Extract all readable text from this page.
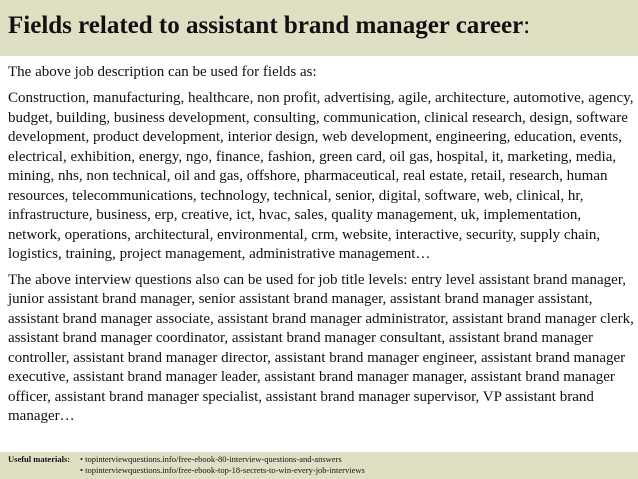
Fields related to assistant brand manager career:

The above job description can be used for fields as:

Construction, manufacturing, healthcare, non profit, advertising, agile, architecture, automotive, agency, budget, building, business development, consulting, communication, clinical research, design, software development, product development, interior design, web development, engineering, education, events, electrical, exhibition, energy, ngo, finance, fashion, green card, oil gas, hospital, it, marketing, media, mining, nhs, non technical, oil and gas, offshore, pharmaceutical, real estate, retail, research, human resources, telecommunications, technology, technical, senior, digital, software, web, clinical, hr, infrastructure, business, erp, creative, ict, hvac, sales, quality management, uk, implementation, network, operations, architectural, environmental, crm, website, interactive, security, supply chain, logistics, training, project management, administrative management…

The above interview questions also can be used for job title levels: entry level assistant brand manager, junior assistant brand manager, senior assistant brand manager, assistant brand manager assistant, assistant brand manager associate, assistant brand manager administrator, assistant brand manager clerk, assistant brand manager coordinator, assistant brand manager consultant, assistant brand manager controller, assistant brand manager director, assistant brand manager engineer, assistant brand manager executive, assistant brand manager leader, assistant brand manager manager, assistant brand manager officer, assistant brand manager specialist, assistant brand manager supervisor, VP assistant brand manager…

Useful materials:	• topinterviewquestions.info/free-ebook-80-interview-questions-and-answers
• topinterviewquestions.info/free-ebook-top-18-secrets-to-win-every-job-interviews
